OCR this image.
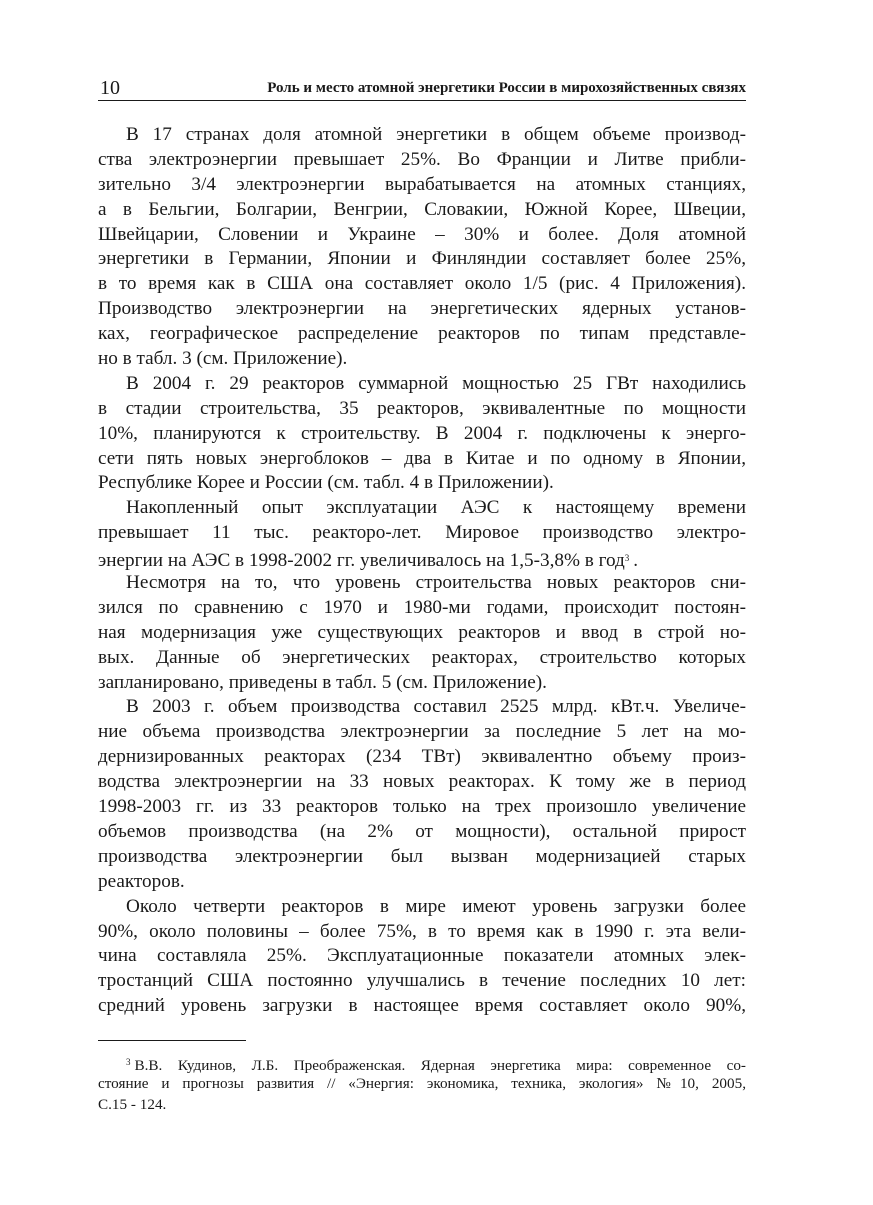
10	Роль и место атомной энергетики России в мирохозяйственных связях
В 17 странах доля атомной энергетики в общем объеме производ-
ства электроэнергии превышает 25%. Во Франции и Литве прибли-
зительно 3/4 электроэнергии вырабатывается на атомных станциях,
а в Бельгии, Болгарии, Венгрии, Словакии, Южной Корее, Швеции,
Швейцарии, Словении и Украине – 30% и более. Доля атомной
энергетики в Германии, Японии и Финляндии составляет более 25%,
в то время как в США она составляет около 1/5 (рис. 4 Приложения).
Производство электроэнергии на энергетических ядерных установ-
ках, географическое распределение реакторов по типам представле-
но в табл. 3 (см. Приложение).
В 2004 г. 29 реакторов суммарной мощностью 25 ГВт находились
в стадии строительства, 35 реакторов, эквивалентные по мощности
10%, планируются к строительству. В 2004 г. подключены к энерго-
сети пять новых энергоблоков – два в Китае и по одному в Японии,
Республике Корее и России (см. табл. 4 в Приложении).
Накопленный опыт эксплуатации АЭС к настоящему времени
превышает 11 тыс. реакторо-лет. Мировое производство электро-
энергии на АЭС в 1998-2002 гг. увеличивалось на 1,5-3,8% в год$^3$ .
Несмотря на то, что уровень строительства новых реакторов сни-
зился по сравнению с 1970 и 1980-ми годами, происходит постоян-
ная модернизация уже существующих реакторов и ввод в строй но-
вых. Данные об энергетических реакторах, строительство которых
запланировано, приведены в табл. 5 (см. Приложение).
В 2003 г. объем производства составил 2525 млрд. кВт.ч. Увеличе-
ние объема производства электроэнергии за последние 5 лет на мо-
дернизированных реакторах (234 ТВт) эквивалентно объему произ-
водства электроэнергии на 33 новых реакторах. К тому же в период
1998-2003 гг. из 33 реакторов только на трех произошло увеличение
объемов производства (на 2% от мощности), остальной прирост
производства электроэнергии был вызван модернизацией старых
реакторов.
Около четверти реакторов в мире имеют уровень загрузки более
90%, около половины – более 75%, в то время как в 1990 г. эта вели-
чина составляла 25%. Эксплуатационные показатели атомных элек-
тростанций США постоянно улучшались в течение последних 10 лет:
средний уровень загрузки в настоящее время составляет около 90%,
$^3$ В.В. Кудинов, Л.Б. Преображенская. Ядерная энергетика мира: современное со-
стояние и прогнозы развития // «Энергия: экономика, техника, экология» №10, 2005,
С.15 - 124.
